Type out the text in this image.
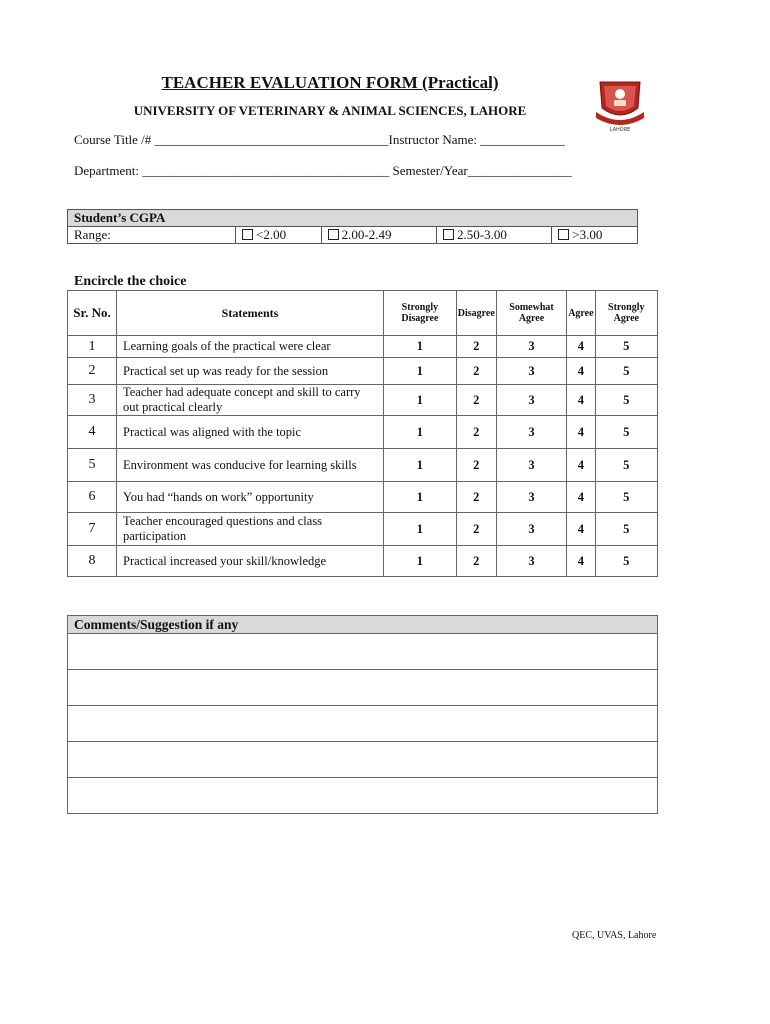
TEACHER EVALUATION FORM (Practical)
UNIVERSITY OF VETERINARY & ANIMAL SCIENCES, LAHORE
LAHORE
Course Title /# ____________________________________Instructor Name: _____________
Department: ______________________________________ Semester/Year________________
Student’s CGPA
Range:	<2.00	2.00-2.49	2.50-3.00	>3.00
Encircle the choice
Sr. No.	Statements	Strongly Disagree	Disagree	Somewhat Agree	Agree	Strongly Agree
1	Learning goals of the practical were clear	1	2	3	4	5
2	Practical set up was ready for the session	1	2	3	4	5
3	Teacher had adequate concept and skill to carry out practical clearly	1	2	3	4	5
4	Practical was aligned with the topic	1	2	3	4	5
5	Environment was conducive for learning skills	1	2	3	4	5
6	You had “hands on work” opportunity	1	2	3	4	5
7	Teacher encouraged questions and class participation	1	2	3	4	5
8	Practical increased your skill/knowledge	1	2	3	4	5
Comments/Suggestion if any

QEC, UVAS, Lahore
